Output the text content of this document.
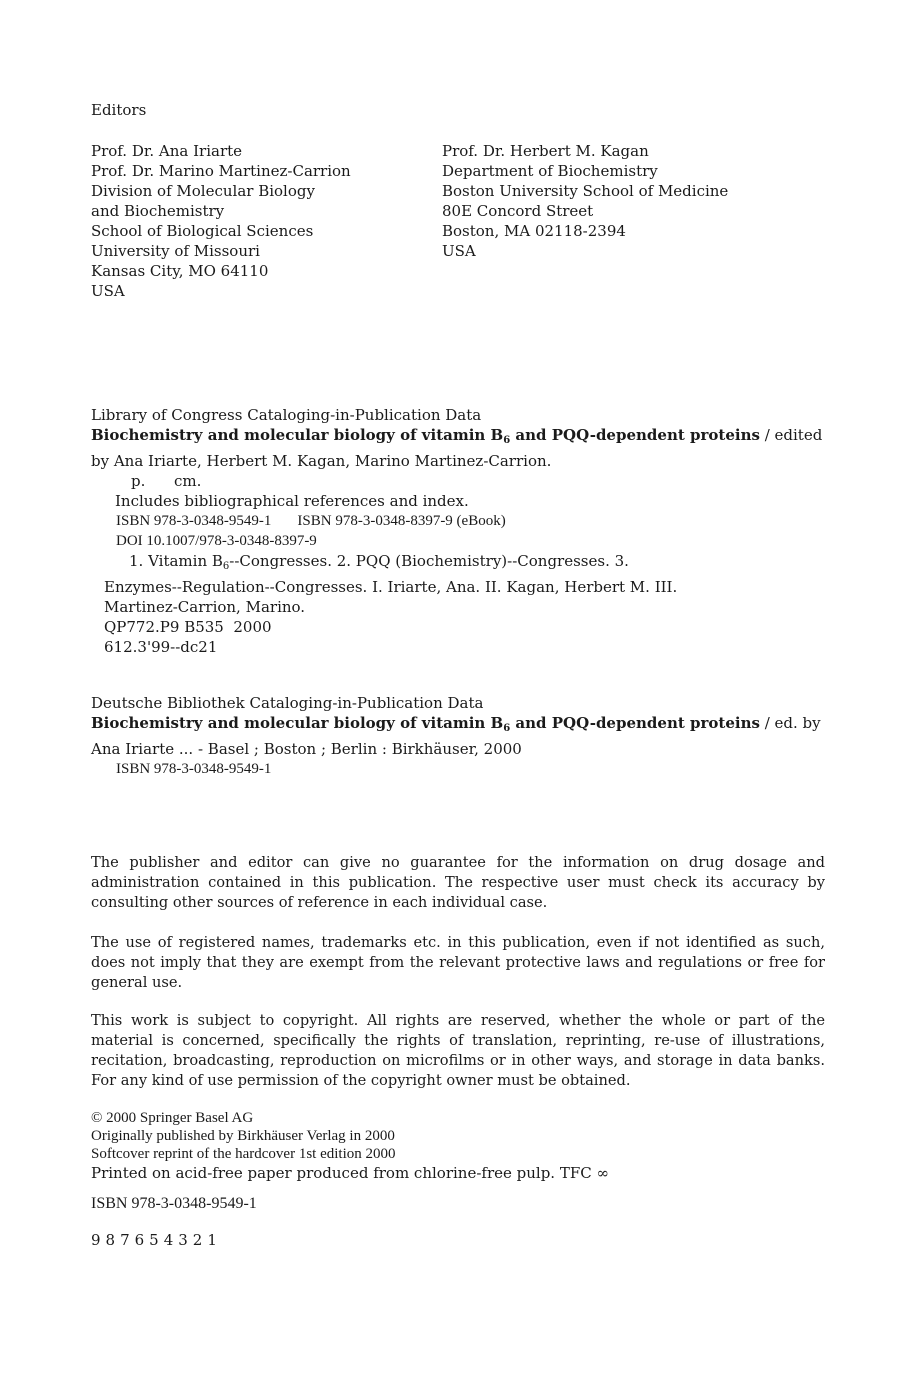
Editors
Prof. Dr. Ana Iriarte
Prof. Dr. Marino Martinez-Carrion
Division of Molecular Biology
and Biochemistry
School of Biological Sciences
University of Missouri
Kansas City, MO 64110
USA
Prof. Dr. Herbert M. Kagan
Department of Biochemistry
Boston University School of Medicine
80E Concord Street
Boston, MA 02118-2394
USA
Library of Congress Cataloging-in-Publication Data
Biochemistry and molecular biology of vitamin $B_6$ and PQQ-dependent proteins / edited
by Ana Iriarte, Herbert M. Kagan, Marino Martinez-Carrion.
p.      cm.
Includes bibliographical references and index.
ISBN 978-3-0348-9549-1 ISBN 978-3-0348-8397-9 (eBook)
DOI 10.1007/978-3-0348-8397-9
1. Vitamin $B_6-$-Congresses. 2. PQQ (Biochemistry)--Congresses. 3.
Enzymes--Regulation--Congresses. I. Iriarte, Ana. II. Kagan, Herbert M. III.
Martinez-Carrion, Marino.
QP772.P9 B535  2000
612.3'99--dc21
Deutsche Bibliothek Cataloging-in-Publication Data
Biochemistry and molecular biology of vitamin $B_6$ and PQQ-dependent proteins / ed. by
Ana Iriarte ... - Basel ; Boston ; Berlin : Birkhäuser, 2000
ISBN 978-3-0348-9549-1
The publisher and editor can give no guarantee for the information on drug dosage and administration contained in this publication. The respective user must check its accuracy by consulting other sources of reference in each individual case.
The use of registered names, trademarks etc. in this publication, even if not identified as such, does not imply that they are exempt from the relevant protective laws and regulations or free for general use.
This work is subject to copyright. All rights are reserved, whether the whole or part of the material is concerned, specifically the rights of translation, reprinting, re-use of illustrations, recitation, broadcasting, reproduction on microfilms or in other ways, and storage in data banks. For any kind of use permission of the copyright owner must be obtained.
© 2000 Springer Basel AG
Originally published by Birkhäuser Verlag in 2000
Softcover reprint of the hardcover 1st edition 2000
Printed on acid-free paper produced from chlorine-free pulp. TFC ∞
ISBN 978-3-0348-9549-1
987654321
